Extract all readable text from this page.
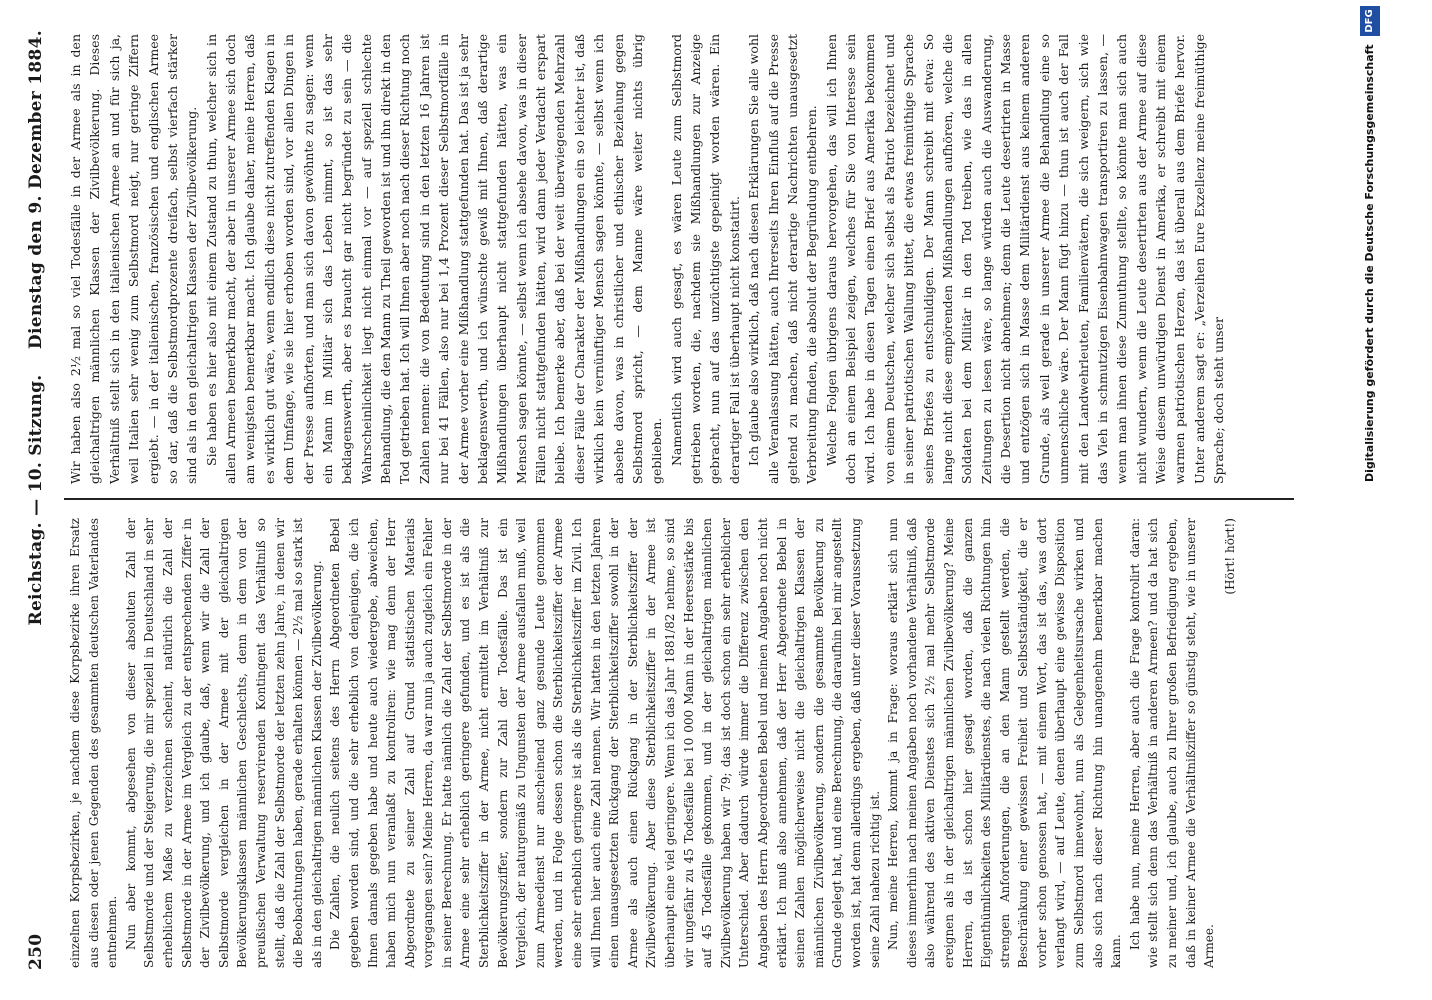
250
Reichstag. — 10. Sitzung.
Dienstag den 9. Dezember 1884.

einzelnen Korpsbezirken, je nachdem diese Korpsbezirke ihren Ersatz aus diesen oder jenen Gegenden des gesammten deutschen Vaterlandes entnehmen. Nun aber kommt, abgesehen von dieser absoluten Zahl der Selbstmorde und der Steigerung, die mir speziell in Deutschland in sehr erheblichem Maße zu verzeichnen scheint, natürlich die Zahl der Selbstmorde in der Armee im Vergleich zu der entsprechenden Ziffer in der Zivilbevölkerung, und ich glaube, daß, wenn wir die Zahl der Selbstmorde vergleichen in der Armee mit der gleichaltrigen Bevölkerungsklassen männlichen Geschlechts, denn in dem von der preußischen Verwaltung reservirenden Kontingent das Verhältniß so stellt, daß die Zahl der Selbstmorde der letzten zehn Jahre, in denen wir die Beobachtungen haben, gerade erhalten können — 2½ mal so stark ist als in den gleichaltrigen männlichen Klassen der Zivilbevölkerung. Die Zahlen, die neulich seitens des Herrn Abgeordneten Bebel gegeben worden sind, und die sehr erheblich von denjenigen, die ich Ihnen damals gegeben habe und heute auch wiedergebe, abweichen, haben mich nun veranlaßt zu kontroliren: wie mag denn der Herr Abgeordnete zu seiner Zahl auf Grund statistischen Materials vorgegangen sein? Meine Herren, da war nun ja auch zugleich ein Fehler in seiner Berechnung. Er hatte nämlich die Zahl der Selbstmorde in der Armee eine sehr erheblich geringere gefunden, und es ist als die Sterblichkeitsziffer in der Armee, nicht ermittelt im Verhältniß zur Bevölkerungsziffer, sondern zur Zahl der Todesfälle. Das ist ein Vergleich, der naturgemäß zu Ungunsten der Armee ausfallen muß, weil zum Armeedienst nur anscheinend ganz gesunde Leute genommen werden, und in Folge dessen schon die Sterblichkeitsziffer der Armee eine sehr erheblich geringere ist als die Sterblichkeitsziffer im Zivil. Ich will Ihnen hier auch eine Zahl nennen. Wir hatten in den letzten Jahren einen unausgesetzten Rückgang der Sterblichkeitsziffer sowohl in der Armee als auch einen Rückgang in der Sterblichkeitsziffer der Zivilbevölkerung. Aber diese Sterblichkeitsziffer in der Armee ist überhaupt eine viel geringere. Wenn ich das Jahr 1881/82 nehme, so sind wir ungefähr zu 45 Todesfälle bei 10 000 Mann in der Heeresstärke bis auf 45 Todesfälle gekommen, und in der gleichaltrigen männlichen Zivilbevölkerung haben wir 79; das ist doch schon ein sehr erheblicher Unterschied. Aber dadurch würde immer die Differenz zwischen den Angaben des Herrn Abgeordneten Bebel und meinen Angaben noch nicht erklärt. Ich muß also annehmen, daß der Herr Abgeordnete Bebel in seinen Zahlen möglicherweise nicht die gleichaltrigen Klassen der männlichen Zivilbevölkerung, sondern die gesammte Bevölkerung zu Grunde gelegt hat, und eine Berechnung, die daraufhin bei mir angestellt worden ist, hat denn allerdings ergeben, daß unter dieser Voraussetzung seine Zahl nahezu richtig ist. Nun, meine Herren, kommt ja in Frage: woraus erklärt sich nun dieses immerhin nach meinen Angaben noch vorhandene Verhältniß, daß also während des aktiven Dienstes sich 2½ mal mehr Selbstmorde ereignen als in der gleichaltrigen männlichen Zivilbevölkerung? Meine Herren, da ist schon hier gesagt worden, daß die ganzen Eigenthümlichkeiten des Militärdienstes, die nach vielen Richtungen hin strengen Anforderungen, die an den Mann gestellt werden, die Beschränkung einer gewissen Freiheit und Selbstständigkeit, die er vorher schon genossen hat, — mit einem Wort, das ist das, was dort verlangt wird, — auf Leute, denen überhaupt eine gewisse Disposition zum Selbstmord innewohnt, nun als Gelegenheitsursache wirken und also sich nach dieser Richtung hin unangenehm bemerkbar machen kann.

Ich habe nun, meine Herren, aber auch die Frage kontrolirt daran: wie stellt sich denn das Verhältniß in anderen Armeen? und da hat sich zu meiner und, ich glaube, auch zu Ihrer großen Befriedigung ergeben, daß in keiner Armee die Verhältnißziffer so günstig steht, wie in unserer Armee.

(Hört! hört!)

Wir haben also 2½ mal so viel Todesfälle in der Armee als in den gleichaltrigen männlichen Klassen der Zivilbevölkerung. Dieses Verhältniß stellt sich in den italienischen Armee an und für sich ja, weil Italien sehr wenig zum Selbstmord neigt, nur geringe Ziffern ergiebt. — in der italienischen, französischen und englischen Armee so dar, daß die Selbstmordprozente dreifach, selbst vierfach stärker sind als in den gleichaltrigen Klassen der Zivilbevölkerung. Sie haben es hier also mit einem Zustand zu thun, welcher sich in allen Armeen bemerkbar macht, der aber in unserer Armee sich doch am wenigsten bemerkbar macht. Ich glaube daher, meine Herren, daß es wirklich gut wäre, wenn endlich diese nicht zutreffenden Klagen in dem Umfange, wie sie hier erhoben worden sind, vor allen Dingen in der Presse aufhörten, und man sich davon gewöhnte zu sagen: wenn ein Mann im Militär sich das Leben nimmt, so ist das sehr beklagenswerth, aber es braucht gar nicht begründet zu sein — die Wahrscheinlichkeit liegt nicht einmal vor — auf speziell schlechte Behandlung, die den Mann zu Theil geworden ist und ihn direkt in den Tod getrieben hat. Ich will Ihnen aber noch nach dieser Richtung noch Zahlen nennen: die von Bedeutung sind in den letzten 16 Jahren ist nur bei 41 Fällen, also nur bei 1,4 Prozent dieser Selbstmordfälle in der Armee vorher eine Mißhandlung stattgefunden hat. Das ist ja sehr beklagenswerth, und ich wünschte gewiß mit Ihnen, daß derartige Mißhandlungen überhaupt nicht stattgefunden hätten, was ein Mensch sagen könnte, — selbst wenn ich absehe davon, was in dieser Fällen nicht stattgefunden hätten, wird dann jeder Verdacht erspart bleibe. Ich bemerke aber, daß bei der weit überwiegenden Mehrzahl dieser Fälle der Charakter der Mißhandlungen ein so leichter ist, daß wirklich kein vernünftiger Mensch sagen könnte, — selbst wenn ich absehe davon, was in christlicher und ethischer Beziehung gegen Selbstmord spricht, — dem Manne wäre weiter nichts übrig geblieben. Namentlich wird auch gesagt, es wären Leute zum Selbstmord getrieben worden, die, nachdem sie Mißhandlungen zur Anzeige gebracht, nun auf das unzüchtigste gepeinigt worden wären. Ein derartiger Fall ist überhaupt nicht konstatirt. Ich glaube also wirklich, daß nach diesen Erklärungen Sie alle wohl alle Veranlassung hätten, auch Ihrerseits Ihren Einfluß auf die Presse geltend zu machen, daß nicht derartige Nachrichten unausgesetzt Verbreitung finden, die absolut der Begründung entbehren. Welche Folgen übrigens daraus hervorgehen, das will ich Ihnen doch an einem Beispiel zeigen, welches für Sie von Interesse sein wird. Ich habe in diesen Tagen einen Brief aus Amerika bekommen von einem Deutschen, welcher sich selbst als Patriot bezeichnet und in seiner patriotischen Wallung bittet, die etwas freimüthige Sprache seines Briefes zu entschuldigen. Der Mann schreibt mit etwa: So lange nicht diese empörenden Mißhandlungen aufhören, welche die Soldaten bei dem Militär in den Tod treiben, wie das in allen Zeitungen zu lesen wäre, so lange würden auch die Auswanderung, die Desertion nicht abnehmen; denn die Leute desertirten in Masse und entzögen sich in Masse dem Militärdienst aus keinem anderen Grunde, als weil gerade in unserer Armee die Behandlung eine so unmenschliche wäre. Der Mann fügt hinzu — thun ist auch der Fall mit den Landwehrleuten, Familienvätern, die sich weigern, sich wie das Vieh in schmutzigen Eisenbahnwagen transportiren zu lassen, — wenn man ihnen diese Zumuthung stellte, so könnte man sich auch nicht wundern, wenn die Leute desertirten aus der Armee auf diese Weise diesem unwürdigen Dienst in Amerika, er schreibt mit einem warmen patriotischen Herzen, das ist überall aus dem Briefe hervor. Unter anderem sagt er: „Verzeihen Eure Exzellenz meine freimüthige Sprache; doch steht unser	Digitalisierung gefördert durch die Deutsche Forschungsgemeinschaft
DFG
